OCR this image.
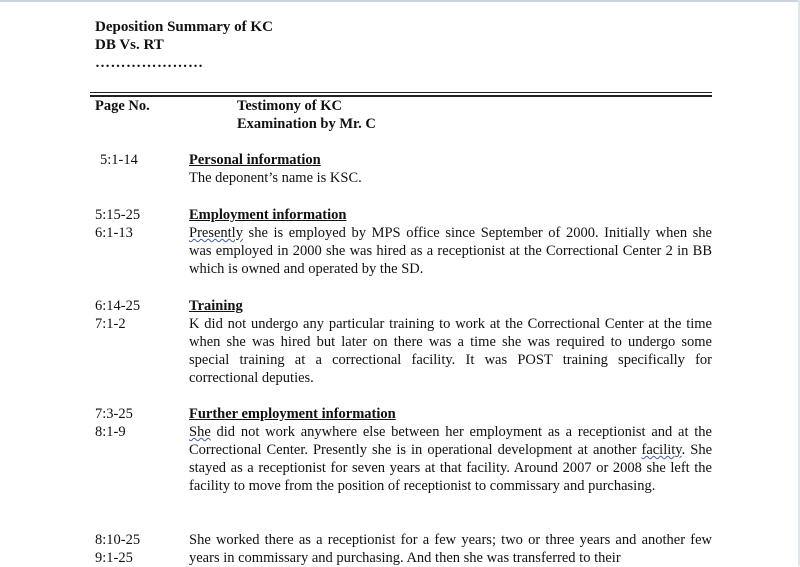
Deposition Summary of KC
DB Vs. RT
…………………
Page No.	Testimony of KC
Examination by Mr. C
5:1-14	Personal information
The deponent’s name is KSC.
5:15-25
6:1-13
Employment information
Presently she is employed by MPS office since September of 2000. Initially when she was employed in 2000 she was hired as a receptionist at the Correctional Center 2 in BB which is owned and operated by the SD.
6:14-25
7:1-2
Training
K did not undergo any particular training to work at the Correctional Center at the time when she was hired but later on there was a time she was required to undergo some special training at a correctional facility. It was POST training specifically for correctional deputies.
7:3-25
8:1-9
Further employment information
She did not work anywhere else between her employment as a receptionist and at the Correctional Center. Presently she is in operational development at another facility. She stayed as a receptionist for seven years at that facility. Around 2007 or 2008 she left the facility to move from the position of receptionist to commissary and purchasing.
8:10-25
9:1-25
She worked there as a receptionist for a few years; two or three years and another few years in commissary and purchasing. And then she was transferred to their
